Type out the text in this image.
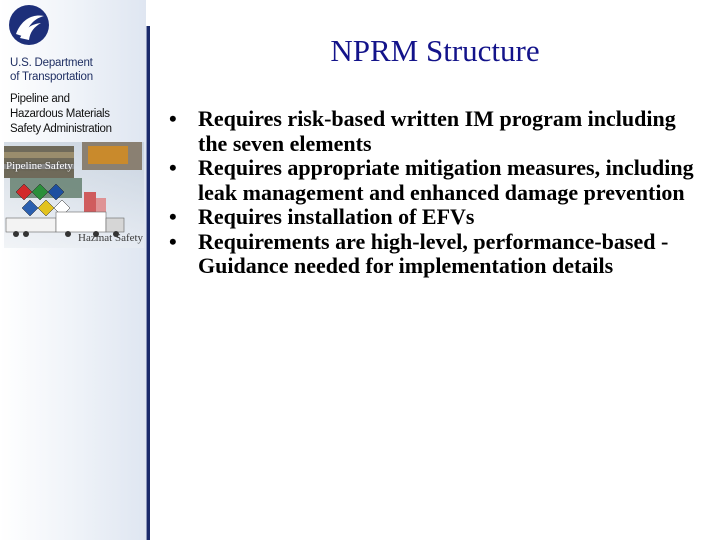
U.S. Department
of Transportation
Pipeline and
Hazardous Materials
Safety Administration
Pipeline Safety
Hazmat Safety
NPRM Structure
• Requires risk-based written IM program including the seven elements
• Requires appropriate mitigation measures, including leak management and enhanced damage prevention
• Requires installation of EFVs
• Requirements are high-level, performance-based - Guidance needed for implementation details
